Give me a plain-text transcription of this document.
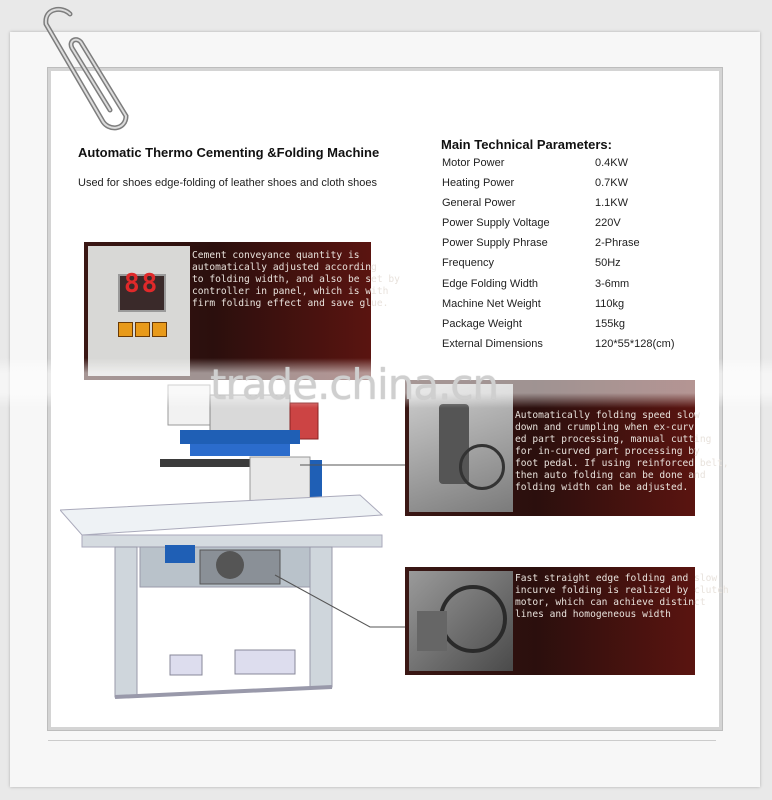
Automatic Thermo Cementing &Folding Machine
Used for shoes edge-folding of leather shoes and cloth shoes
Main Technical Parameters:
Motor Power	0.4KW
Heating Power	0.7KW
General Power	1.1KW
Power Supply Voltage	220V
Power Supply Phrase	2-Phrase
Frequency	50Hz
Edge Folding Width	3-6mm
Machine Net Weight	110kg
Package Weight	155kg
External Dimensions	120*55*128(cm)
88
Cement conveyance quantity is
automatically adjusted according
to folding width, and also be set by
controller in panel, which is with
firm folding effect and save glue.
Automatically folding speed slow
down and crumpling when ex-curv
ed part processing, manual cutting
for in-curved part processing by
foot pedal. If using reinforced belt,
then auto folding can be done and
folding width can be adjusted.
Fast straight edge folding and slow
incurve folding is realized by clutch
motor, which can achieve distinct
lines and homogeneous width
trade.china.cn
